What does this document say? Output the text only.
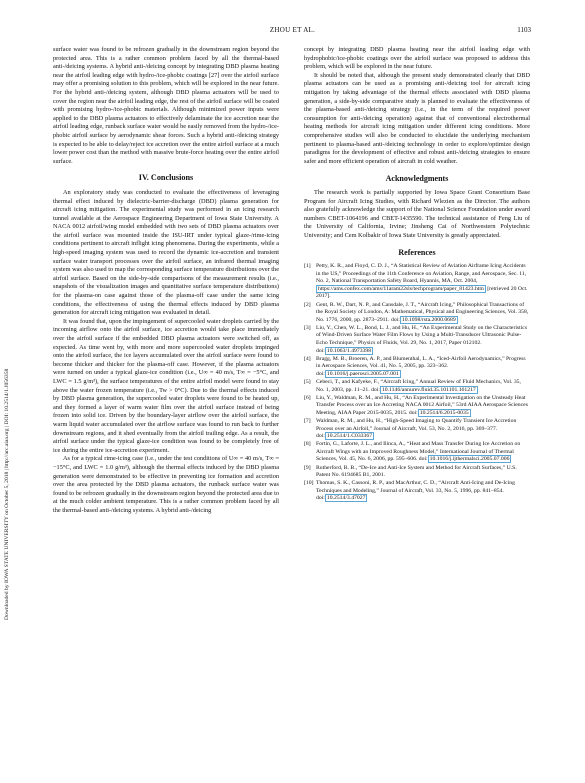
Downloaded by IOWA STATE UNIVERSITY on October 5, 2018 | http://arc.aiaa.org | DOI: 10.2514/1.J056358
ZHOU ET AL.	1103

surface water was found to be refrozen gradually in the downstream region beyond the protected area. This is a rather common problem faced by all the thermal-based anti-/deicing systems. A hybrid anti-/deicing concept by integrating DBD plasma heating near the airfoil leading edge with hydro-/ice-phobic coatings [27] over the airfoil surface may offer a promising solution to this problem, which will be explored in the near future. For the hybrid anti-/deicing system, although DBD plasma actuators will be used to cover the region near the airfoil leading edge, the rest of the airfoil surface will be coated with promising hydro-/ice-phobic materials. Although minimized power inputs were applied to the DBD plasma actuators to effectively delaminate the ice accretion near the airfoil leading edge, runback surface water would be easily removed from the hydro-/ice-phobic airfoil surface by aerodynamic shear forces. Such a hybrid anti-/deicing strategy is expected to be able to delay/reject ice accretion over the entire airfoil surface at a much lower power cost than the method with massive brute-force heating over the entire airfoil surface.

IV. Conclusions

An exploratory study was conducted to evaluate the effectiveness of leveraging thermal effect induced by dielectric-barrier-discharge (DBD) plasma generation for aircraft icing mitigation. The experimental study was performed in an icing research tunnel available at the Aerospace Engineering Department of Iowa State University. A NACA 0012 airfoil/wing model embedded with two sets of DBD plasma actuators over the airfoil surface was mounted inside the ISU-IRT under typical glaze-/rime-icing conditions pertinent to aircraft inflight icing phenomena. During the experiments, while a high-speed imaging system was used to record the dynamic ice-accretion and transient surface water transport processes over the airfoil surface, an infrared thermal imaging system was also used to map the corresponding surface temperature distributions over the airfoil surface. Based on the side-by-side comparisons of the measurement results (i.e., snapshots of the visualization images and quantitative surface temperature distributions) for the plasma-on case against those of the plasma-off case under the same icing conditions, the effectiveness of using the thermal effects induced by DBD plasma generation for aircraft icing mitigation was evaluated in detail.

It was found that, upon the impingement of supercooled water droplets carried by the incoming airflow onto the airfoil surface, ice accretion would take place immediately over the airfoil surface if the embedded DBD plasma actuators were switched off, as expected. As time went by, with more and more supercooled water droplets impinged onto the airfoil surface, the ice layers accumulated over the airfoil surface were found to become thicker and thicker for the plasma-off case. However, if the plasma actuators were turned on under a typical glaze-ice condition (i.e., U∞ = 40 m/s, T∞ = −5°C, and LWC = 1.5 g/m³), the surface temperatures of the entire airfoil model were found to stay above the water frozen temperature (i.e., Tw > 0°C). Due to the thermal effects induced by DBD plasma generation, the supercooled water droplets were found to be heated up, and they formed a layer of warm water film over the airfoil surface instead of being frozen into solid ice. Driven by the boundary-layer airflow over the airfoil surface, the warm liquid water accumulated over the airflow surface was found to run back to further downstream regions, and it shed eventually from the airfoil trailing edge. As a result, the airfoil surface under the typical glaze-ice condition was found to be completely free of ice during the entire ice-accretion experiment.

As for a typical rime-icing case (i.e., under the test conditions of U∞ = 40 m/s, T∞ = −15°C, and LWC = 1.0 g/m³), although the thermal effects induced by the DBD plasma generation were demonstrated to be effective in preventing ice formation and accretion over the area protected by the DBD plasma actuators, the runback surface water was found to be refrozen gradually in the downstream region beyond the protected area due to at the much colder ambient temperature. This is a rather common problem faced by all the thermal-based anti-/deicing systems. A hybrid anti-/deicing

concept by integrating DBD plasma heating near the airfoil leading edge with hydrophobic/ice-phobic coatings over the airfoil surface was proposed to address this problem, which will be explored in the near future.

It should be noted that, although the present study demonstrated clearly that DBD plasma actuators can be used as a promising anti-/deicing tool for aircraft icing mitigation by taking advantage of the thermal effects associated with DBD plasma generation, a side-by-side comparative study is planned to evaluate the effectiveness of the plasma-based anti-/deicing strategy (i.e., in the term of the required power consumption for anti-/deicing operation) against that of conventional electrothermal heating methods for aircraft icing mitigation under different icing conditions. More comprehensive studies will also be conducted to elucidate the underlying mechanism pertinent to plasma-based anti-/deicing technology in order to explore/optimize design paradigms for the development of effective and robust anti-/deicing strategies to ensure safer and more efficient operation of aircraft in cold weather.

Acknowledgments

The research work is partially supported by Iowa Space Grant Consortium Base Program for Aircraft Icing Studies, with Richard Wlezien as the Director. The authors also gratefully acknowledge the support of the National Science Foundation under award numbers CBET-1064196 and CBET-1435590. The technical assistance of Feng Liu of the University of California, Irvine; Jinsheng Cai of Northwestern Polytechnic University; and Cem Kolbakir of Iowa State University is greatly appreciated.

References
[1] Petty, K. R., and Floyd, C. D. J., “A Statistical Review of Aviation Airframe Icing Accidents in the US,” Proceedings of the 11th Conference on Aviation, Range, and Aerospace, Sec. 11, No. 2, National Transportation Safety Board, Hyannis, MA, Oct. 2004, https://ams.confex.com/ams/11aram22sls/techprogram/paper_81423.htm [retrieved 20 Oct. 2017].
[2] Gent, R. W., Dart, N. P., and Cansdale, J. T., “Aircraft Icing,” Philosophical Transactions of the Royal Society of London, A: Mathematical, Physical and Engineering Sciences, Vol. 358, No. 1776, 2000, pp. 2873–2911. doi: 10.1098/rsta.2000.0689
[3] Liu, Y., Chen, W. L., Bond, L. J., and Hu, H., “An Experimental Study on the Characteristics of Wind-Driven Surface Water Film Flows by Using a Multi-Transducer Ultrasonic Pulse-Echo Technique,” Physics of Fluids, Vol. 29, No. 1, 2017, Paper 012102. doi: 10.1063/1.4973398
[4] Bragg, M. B., Broeren, A. P., and Blumenthal, L. A., “Iced-Airfoil Aerodynamics,” Progress in Aerospace Sciences, Vol. 41, No. 5, 2005, pp. 323–362. doi: 10.1016/j.paerosci.2005.07.001
[5] Cebeci, T., and Kafyeke, F., “Aircraft Icing,” Annual Review of Fluid Mechanics, Vol. 35, No. 1, 2003, pp. 11–21. doi: 10.1146/annurev.fluid.35.101101.161217
[6] Liu, Y., Waldman, R. M., and Hu, H., “An Experimental Investigation on the Unsteady Heat Transfer Process over an Ice Accreting NACA 0012 Airfoil,” 53rd AIAA Aerospace Sciences Meeting, AIAA Paper 2015-0035, 2015. doi: 10.2514/6.2015-0035
[7] Waldman, R. M., and Hu, H., “High-Speed Imaging to Quantify Transient Ice Accretion Process over an Airfoil,” Journal of Aircraft, Vol. 53, No. 2, 2016, pp. 369–377. doi: 10.2514/1.C033367
[8] Fortin, G., Laforte, J. L., and Ilinca, A., “Heat and Mass Transfer During Ice Accretion on Aircraft Wings with an Improved Roughness Model,” International Journal of Thermal Sciences, Vol. 45, No. 6, 2006, pp. 595–606. doi: 10.1016/j.ijthermalsci.2005.07.006
[9] Rutherford, R. B., “De-Ice and Anti-Ice System and Method for Aircraft Surfaces,” U.S. Patent No. 6194685 B1, 2001.
[10] Thomas, S. K., Cassoni, R. P., and MacArthur, C. D., “Aircraft Anti-Icing and De-Icing Techniques and Modeling,” Journal of Aircraft, Vol. 33, No. 5, 1996, pp. 841–854. doi: 10.2514/3.47027
